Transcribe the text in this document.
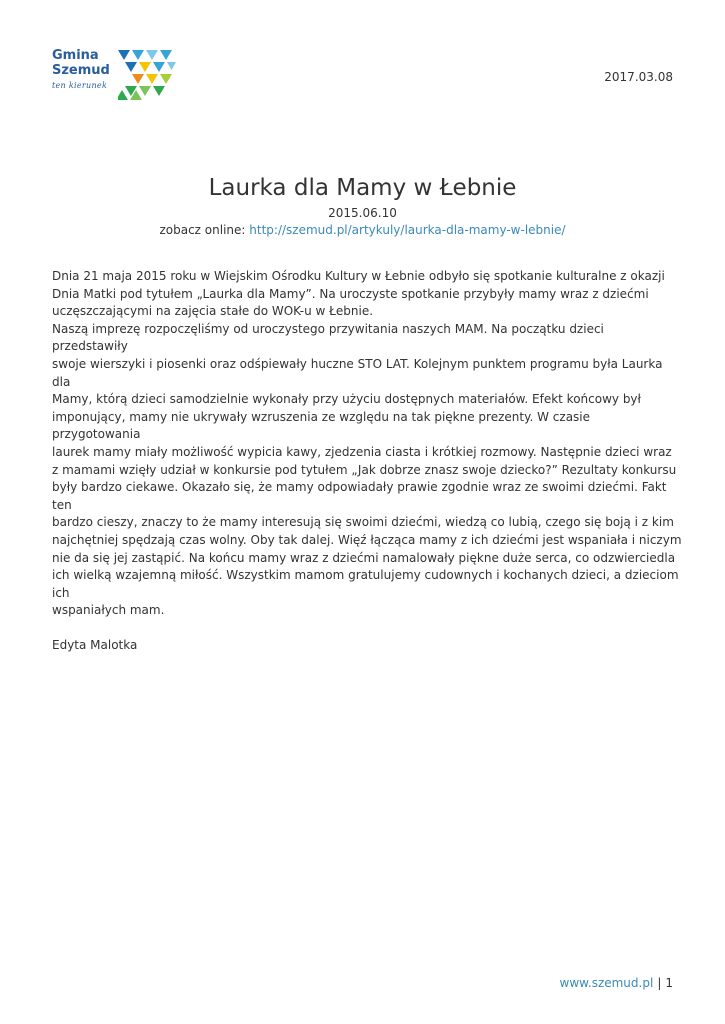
Gmina
Szemud
ten kierunek
2017.03.08
Laurka dla Mamy w Łebnie
2015.06.10
zobacz online: http://szemud.pl/artykuly/laurka-dla-mamy-w-lebnie/

Dnia 21 maja 2015 roku w Wiejskim Ośrodku Kultury w Łebnie odbyło się spotkanie kulturalne z okazji

Dnia Matki pod tytułem „Laurka dla Mamy”. Na uroczyste spotkanie przybyły mamy wraz z dziećmi

uczęszczającymi na zajęcia stałe do WOK-u w Łebnie.

Naszą imprezę rozpoczęliśmy od uroczystego przywitania naszych MAM. Na początku dzieci przedstawiły

swoje wierszyki i piosenki oraz odśpiewały huczne STO LAT. Kolejnym punktem programu była Laurka dla

Mamy, którą dzieci samodzielnie wykonały przy użyciu dostępnych materiałów. Efekt końcowy był

imponujący, mamy nie ukrywały wzruszenia ze względu na tak piękne prezenty. W czasie przygotowania

laurek mamy miały możliwość wypicia kawy, zjedzenia ciasta i krótkiej rozmowy. Następnie dzieci wraz

z mamami wzięły udział w konkursie pod tytułem „Jak dobrze znasz swoje dziecko?” Rezultaty konkursu

były bardzo ciekawe. Okazało się, że mamy odpowiadały prawie zgodnie wraz ze swoimi dziećmi. Fakt ten

bardzo cieszy, znaczy to że mamy interesują się swoimi dziećmi, wiedzą co lubią, czego się boją i z kim

najchętniej spędzają czas wolny. Oby tak dalej. Więź łącząca mamy z ich dziećmi jest wspaniała i niczym

nie da się jej zastąpić. Na końcu mamy wraz z dziećmi namalowały piękne duże serca, co odzwierciedla

ich wielką wzajemną miłość. Wszystkim mamom gratulujemy cudownych i kochanych dzieci, a dzieciom

ich

wspaniałych mam.

Edyta Malotka

www.szemud.pl | 1
